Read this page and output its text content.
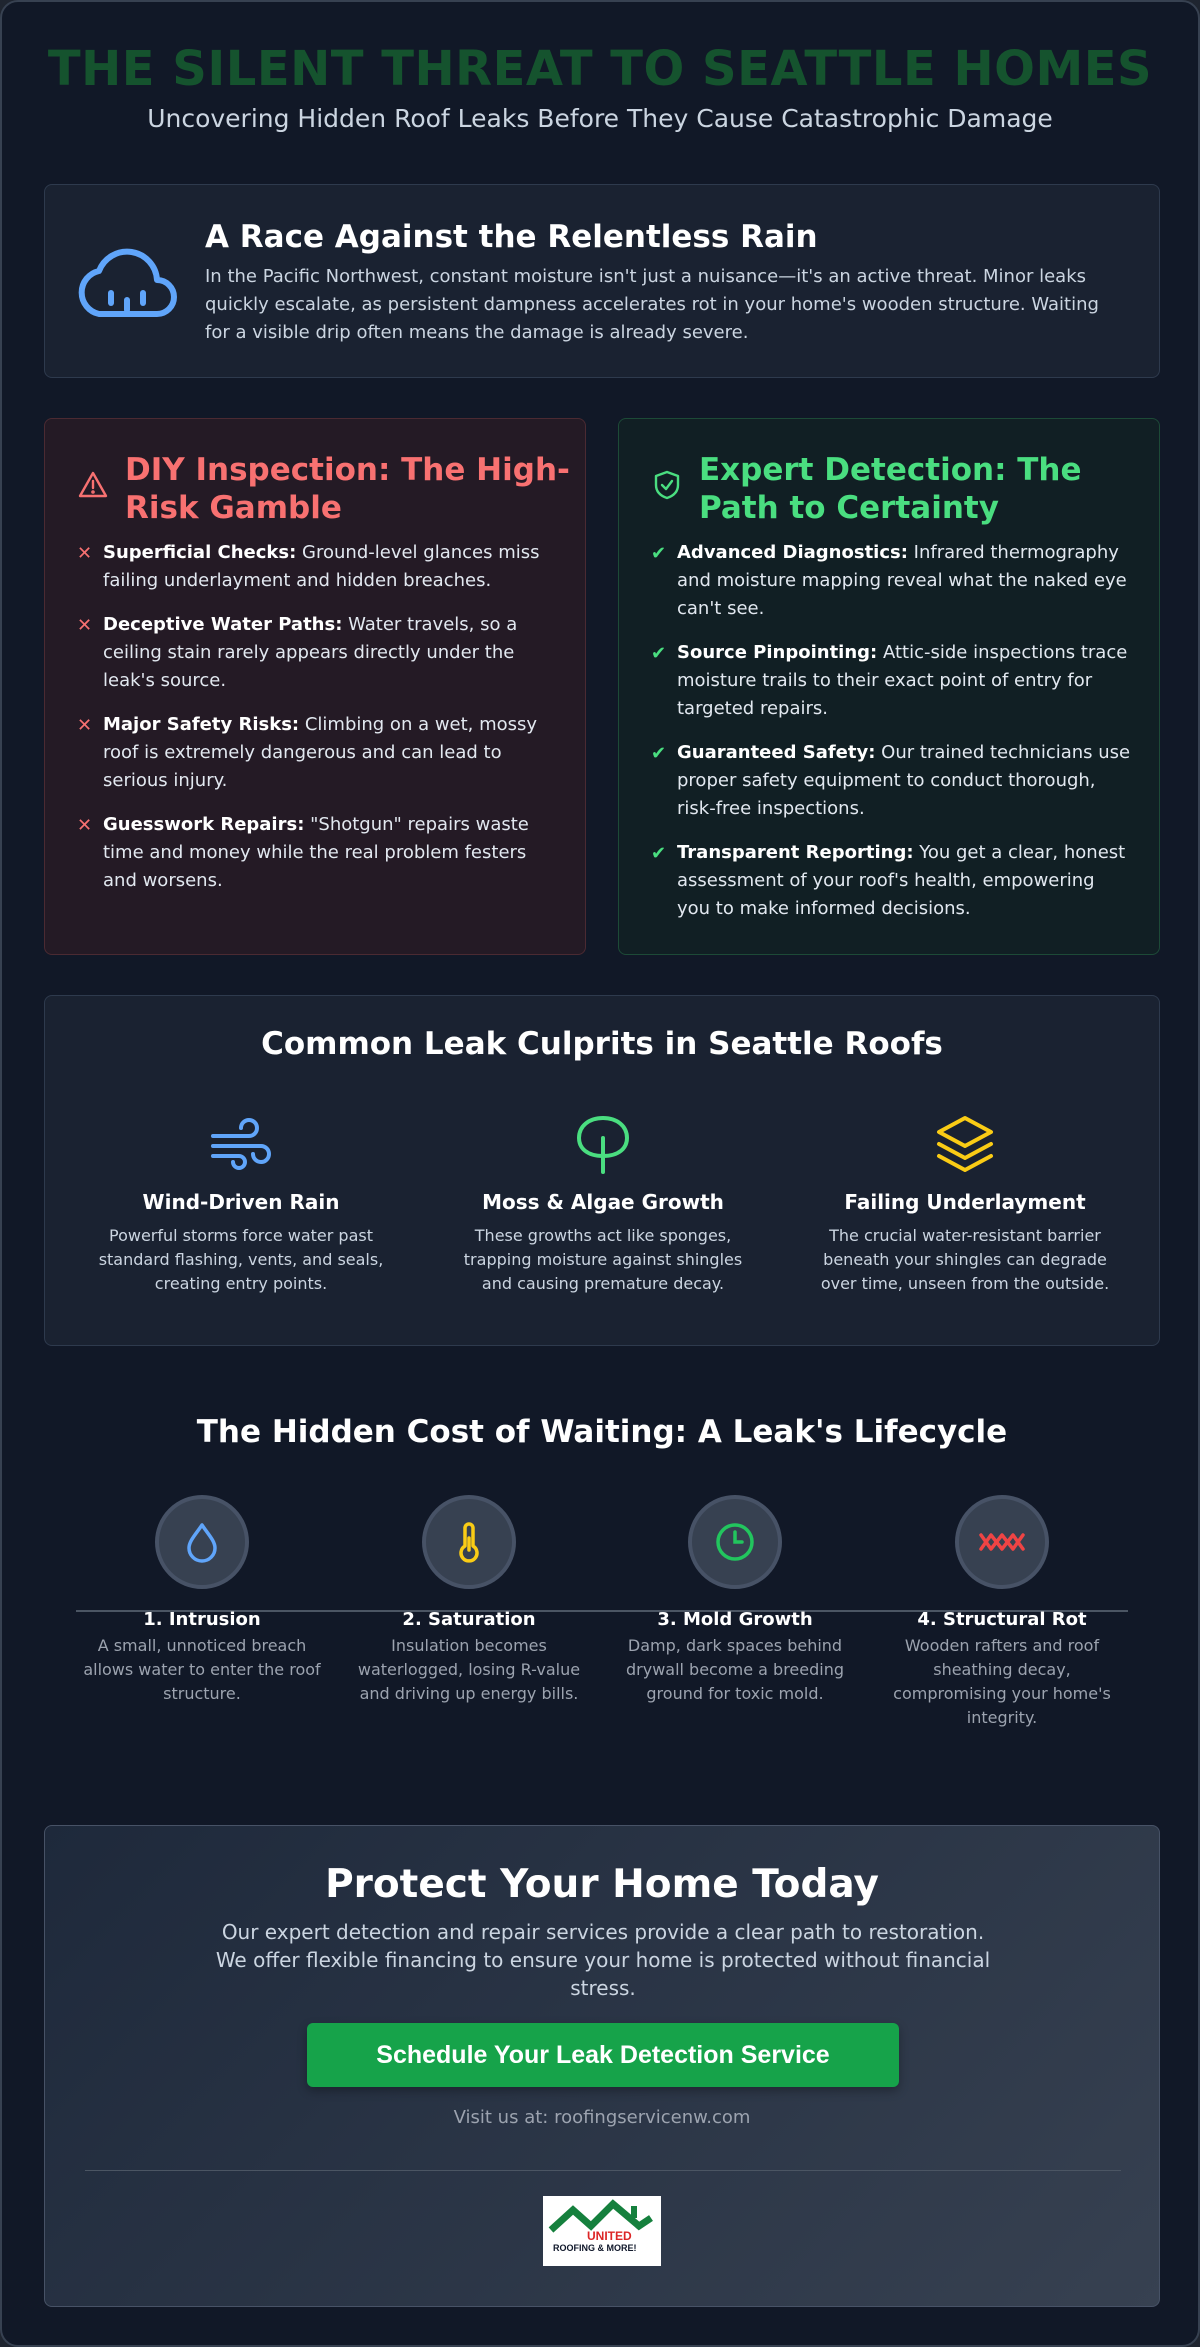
THE SILENT THREAT TO SEATTLE HOMES
Uncovering Hidden Roof Leaks Before They Cause Catastrophic Damage
A Race Against the Relentless Rain

In the Pacific Northwest, constant moisture isn't just a nuisance—it's an active threat. Minor leaks quickly escalate, as persistent dampness accelerates rot in your home's wooden structure. Waiting for a visible drip often means the damage is already severe.

DIY Inspection: The High-Risk Gamble
✕ Superficial Checks: Ground-level glances miss failing underlayment and hidden breaches.
✕ Deceptive Water Paths: Water travels, so a ceiling stain rarely appears directly under the leak's source.
✕ Major Safety Risks: Climbing on a wet, mossy roof is extremely dangerous and can lead to serious injury.
✕ Guesswork Repairs: "Shotgun" repairs waste time and money while the real problem festers and worsens.
Expert Detection: The Path to Certainty
✔ Advanced Diagnostics: Infrared thermography and moisture mapping reveal what the naked eye can't see.
✔ Source Pinpointing: Attic-side inspections trace moisture trails to their exact point of entry for targeted repairs.
✔ Guaranteed Safety: Our trained technicians use proper safety equipment to conduct thorough, risk-free inspections.
✔ Transparent Reporting: You get a clear, honest assessment of your roof's health, empowering you to make informed decisions.
Common Leak Culprits in Seattle Roofs
Wind-Driven Rain

Powerful storms force water past standard flashing, vents, and seals, creating entry points.

Moss & Algae Growth

These growths act like sponges, trapping moisture against shingles and causing premature decay.

Failing Underlayment

The crucial water-resistant barrier beneath your shingles can degrade over time, unseen from the outside.

The Hidden Cost of Waiting: A Leak's Lifecycle
1. Intrusion

A small, unnoticed breach allows water to enter the roof structure.

2. Saturation

Insulation becomes waterlogged, losing R-value and driving up energy bills.

3. Mold Growth

Damp, dark spaces behind drywall become a breeding ground for toxic mold.

4. Structural Rot

Wooden rafters and roof sheathing decay, compromising your home's integrity.

Protect Your Home Today

Our expert detection and repair services provide a clear path to restoration. We offer flexible financing to ensure your home is protected without financial stress.

Schedule Your Leak Detection Service
Visit us at: roofingservicenw.com
UNITED
ROOFING & MORE!
